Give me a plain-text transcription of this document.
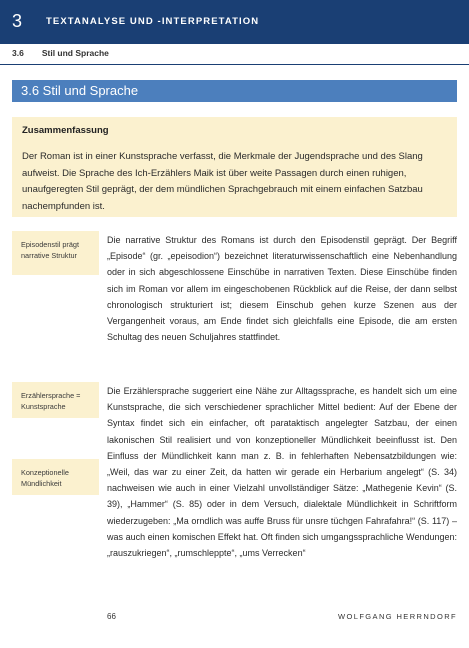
3	TEXTANALYSE UND -INTERPRETATION
3.6 Stil und Sprache
3.6 Stil und Sprache
Zusammenfassung
Der Roman ist in einer Kunstsprache verfasst, die Merkmale der Jugendsprache und des Slang aufweist. Die Sprache des Ich-Erzählers Maik ist über weite Passagen durch einen ruhigen, unaufgeregten Stil geprägt, der dem mündlichen Sprachgebrauch mit einem einfachen Satzbau nachempfunden ist.
Episodenstil prägt narrative Struktur
Erzählersprache = Kunstsprache
Konzeptionelle Mündlichkeit

Die narrative Struktur des Romans ist durch den Episodenstil geprägt. Der Begriff „Episode“ (gr. „epeisodion“) bezeichnet literaturwissenschaftlich eine Nebenhandlung oder in sich abgeschlossene Einschübe in narrativen Texten. Diese Einschübe finden sich im Roman vor allem im eingeschobenen Rückblick auf die Reise, der dann selbst chronologisch strukturiert ist; diesem Einschub gehen kurze Szenen aus der Vergangenheit voraus, am Ende findet sich gleichfalls eine Episode, die am ersten Schultag des neuen Schuljahres stattfindet.

Die Erzählersprache suggeriert eine Nähe zur Alltagssprache, es handelt sich um eine Kunstsprache, die sich verschiedener sprachlicher Mittel bedient: Auf der Ebene der Syntax findet sich ein einfacher, oft parataktisch angelegter Satzbau, der einen lakonischen Stil realisiert und von konzeptioneller Mündlichkeit beeinflusst ist. Den Einfluss der Mündlichkeit kann man z. B. in fehlerhaften Nebensatzbildungen wie: „Weil, das war zu einer Zeit, da hatten wir gerade ein Herbarium angelegt“ (S. 34) nachweisen wie auch in einer Vielzahl unvollständiger Sätze: „Mathegenie Kevin“ (S. 39), „Hammer“ (S. 85) oder in dem Versuch, dialektale Mündlichkeit in Schriftform wiederzugeben: „Ma orndlich was auffe Bruss für unsre tüchgen Fahrafahra!“ (S. 117) – was auch einen komischen Effekt hat. Oft finden sich umgangssprachliche Wendungen: „rauszukriegen“, „rumschleppte“, „ums Verrecken“

66	WOLFGANG HERRNDORF
